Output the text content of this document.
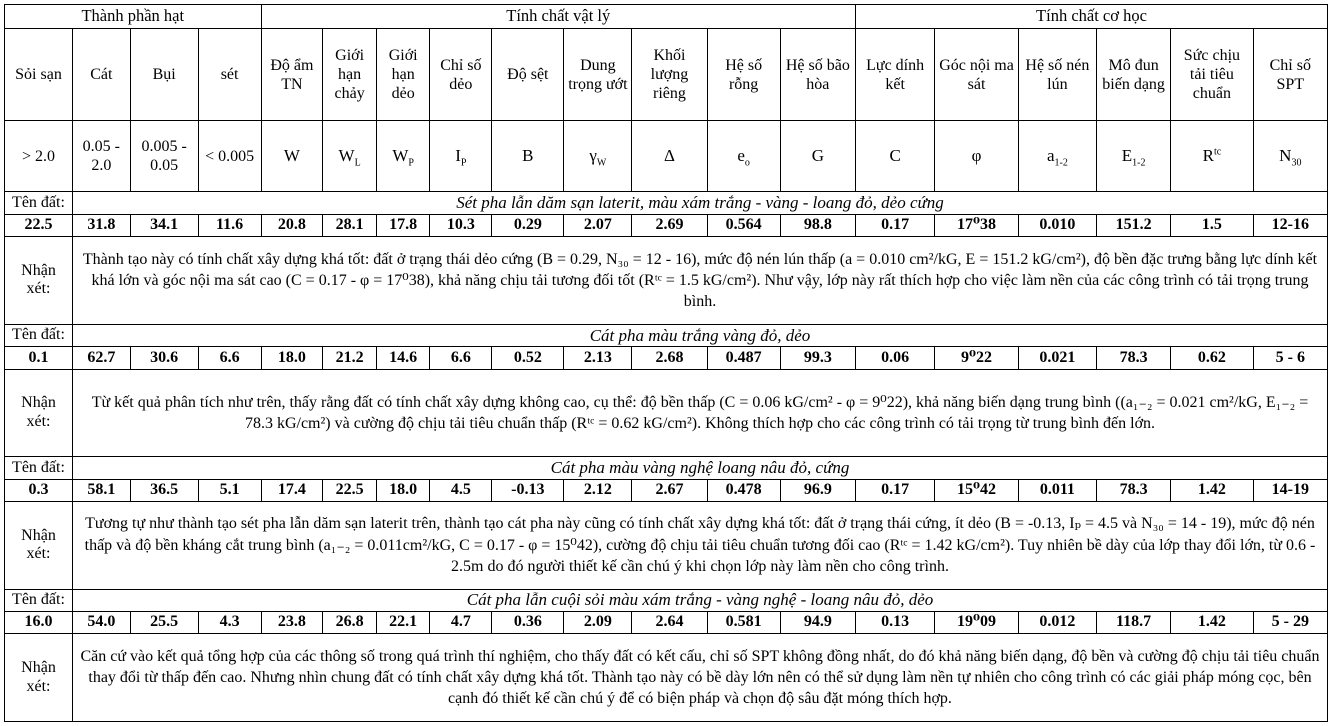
Thành phần hạt				Tính chất vật lý									Tính chất cơ học					
Sỏi sạn	Cát	Bụi	sét	Độ ẩm TN	Giới hạn chảy	Giới hạn dẻo	Chỉ số dẻo	Độ sệt	Dung trọng ướt	Khối lượng riêng	Hệ số rỗng	Hệ số bão hòa	Lực dính kết	Góc nội ma sát	Hệ số nén lún	Mô đun biến dạng	Sức chịu tải tiêu chuẩn	Chỉ số SPT
> 2.0	0.05 - 2.0	0.005 - 0.05	< 0.005	W	$W_L$	$W_P$	$I_P$	B	$\gamma_W$	Δ	$e_o$	G	C	φ	$a_{1-2}$	$E_{1-2}$	$R^{tc}$	$N_{30}$
Tên đất:	Sét pha lẫn dăm sạn laterit, màu xám trắng - vàng - loang đỏ, dẻo cứng																	
22.5	31.8	34.1	11.6	20.8	28.1	17.8	10.3	0.29	2.07	2.69	0.564	98.8	0.17	17⁰38	0.010	151.2	1.5	12-16
Nhận xét:	Thành tạo này có tính chất xây dựng khá tốt: đất ở trạng thái dẻo cứng (B = 0.29, N₃₀ = 12 - 16), mức độ nén lún thấp (a = 0.010 cm²/kG, E = 151.2 kG/cm²), độ bền đặc trưng bằng lực dính kết khá lớn và góc nội ma sát cao (C = 0.17 - φ = 17⁰38), khả năng chịu tải tương đối tốt (Rᵗᶜ = 1.5 kG/cm²). Như vậy, lớp này rất thích hợp cho việc làm nền của các công trình có tải trọng trung bình.																	
Tên đất:	Cát pha màu trắng vàng đỏ, dẻo																	
0.1	62.7	30.6	6.6	18.0	21.2	14.6	6.6	0.52	2.13	2.68	0.487	99.3	0.06	9⁰22	0.021	78.3	0.62	5 - 6
Nhận xét:	Từ kết quả phân tích như trên, thấy rằng đất có tính chất xây dựng không cao, cụ thể: độ bền thấp (C = 0.06 kG/cm² - φ = 9⁰22), khả năng biến dạng trung bình ((a₁₋₂ = 0.021 cm²/kG, E₁₋₂ = 78.3 kG/cm²) và cường độ chịu tải tiêu chuẩn thấp (Rᵗᶜ = 0.62 kG/cm²). Không thích hợp cho các công trình có tải trọng từ trung bình đến lớn.																	
Tên đất:	Cát pha màu vàng nghệ loang nâu đỏ, cứng																	
0.3	58.1	36.5	5.1	17.4	22.5	18.0	4.5	-0.13	2.12	2.67	0.478	96.9	0.17	15⁰42	0.011	78.3	1.42	14-19
Nhận xét:	Tương tự như thành tạo sét pha lẫn dăm sạn laterit trên, thành tạo cát pha này cũng có tính chất xây dựng khá tốt: đất ở trạng thái cứng, ít dẻo (B = -0.13, Iₚ = 4.5 và N₃₀ = 14 - 19), mức độ nén thấp và độ bền kháng cắt trung bình (a₁₋₂ = 0.011cm²/kG, C = 0.17 - φ = 15⁰42), cường độ chịu tải tiêu chuẩn tương đối cao (Rᵗᶜ = 1.42 kG/cm²). Tuy nhiên bề dày của lớp thay đổi lớn, từ 0.6 - 2.5m do đó người thiết kế cần chú ý khi chọn lớp này làm nền cho công trình.																	
Tên đất:	Cát pha lẫn cuội sỏi màu xám trắng - vàng nghệ - loang nâu đỏ, dẻo																	
16.0	54.0	25.5	4.3	23.8	26.8	22.1	4.7	0.36	2.09	2.64	0.581	94.9	0.13	19⁰09	0.012	118.7	1.42	5 - 29
Nhận xét:	Căn cứ vào kết quả tổng hợp của các thông số trong quá trình thí nghiệm, cho thấy đất có kết cấu, chỉ số SPT không đồng nhất, do đó khả năng biến dạng, độ bền và cường độ chịu tải tiêu chuẩn thay đổi từ thấp đến cao. Nhưng nhìn chung đất có tính chất xây dựng khá tốt. Thành tạo này có bề dày lớn nên có thể sử dụng làm nền tự nhiên cho công trình có các giải pháp móng cọc, bên cạnh đó thiết kế cần chú ý để có biện pháp và chọn độ sâu đặt móng thích hợp.																	
